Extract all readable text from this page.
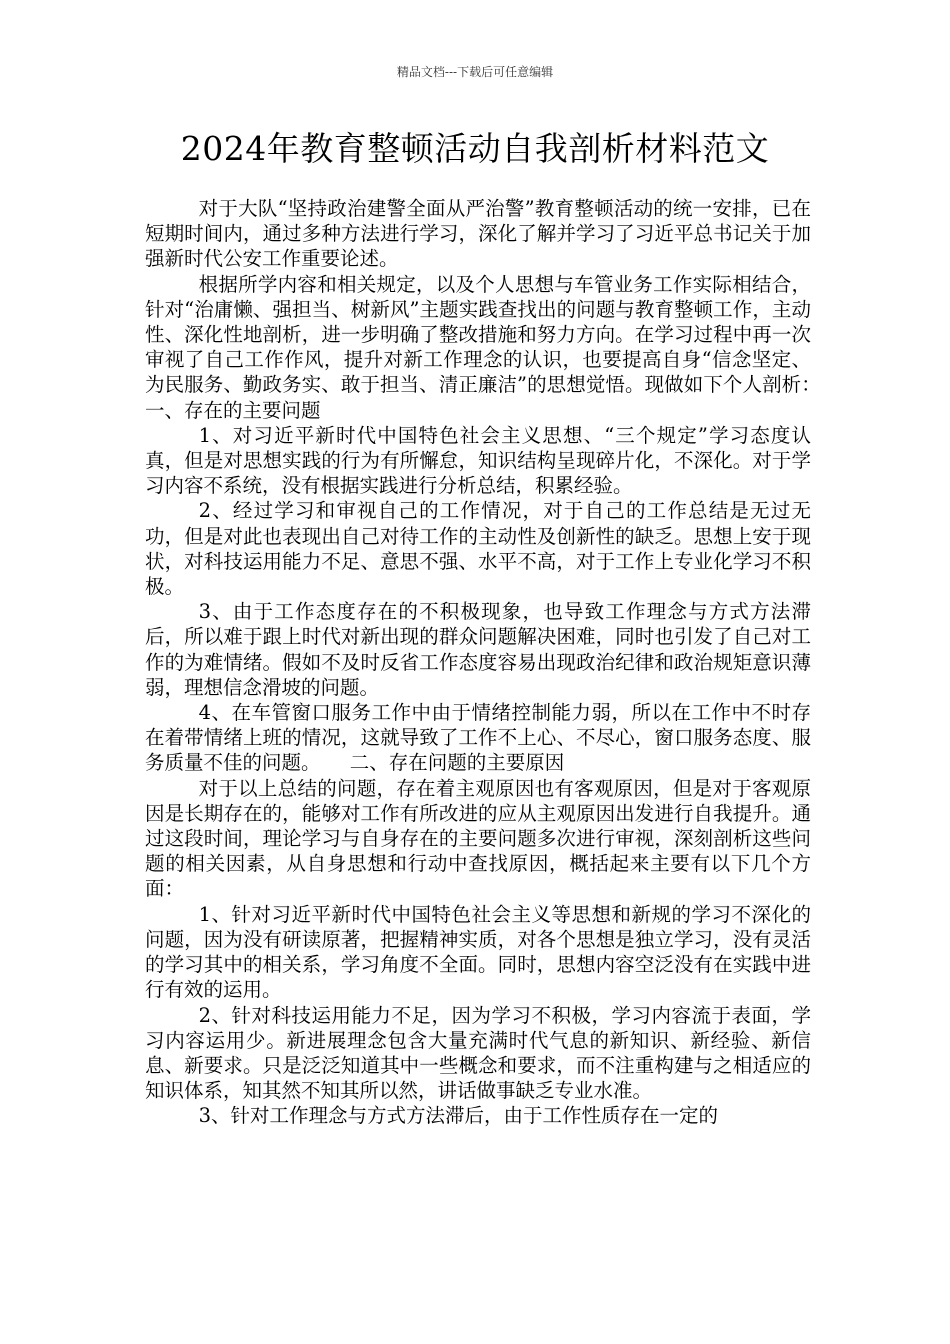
精品文档---下载后可任意编辑
2024年教育整顿活动自我剖析材料范文

对于大队“坚持政治建警全面从严治警”教育整顿活动的统一安排，已在短期时间内，通过多种方法进行学习，深化了解并学习了习近平总书记关于加强新时代公安工作重要论述。

根据所学内容和相关规定，以及个人思想与车管业务工作实际相结合，针对“治庸懒、强担当、树新风”主题实践查找出的问题与教育整顿工作，主动性、深化性地剖析，进一步明确了整改措施和努力方向。在学习过程中再一次审视了自己工作作风，提升对新工作理念的认识，也要提高自身“信念坚定、为民服务、勤政务实、敢于担当、清正廉洁”的思想觉悟。现做如下个人剖析：　　一、存在的主要问题

1、对习近平新时代中国特色社会主义思想、“三个规定”学习态度认真，但是对思想实践的行为有所懈怠，知识结构呈现碎片化，不深化。对于学习内容不系统，没有根据实践进行分析总结，积累经验。

2、经过学习和审视自己的工作情况，对于自己的工作总结是无过无功，但是对此也表现出自己对待工作的主动性及创新性的缺乏。思想上安于现状，对科技运用能力不足、意思不强、水平不高，对于工作上专业化学习不积极。

3、由于工作态度存在的不积极现象，也导致工作理念与方式方法滞后，所以难于跟上时代对新出现的群众问题解决困难，同时也引发了自己对工作的为难情绪。假如不及时反省工作态度容易出现政治纪律和政治规矩意识薄弱，理想信念滑坡的问题。

4、在车管窗口服务工作中由于情绪控制能力弱，所以在工作中不时存在着带情绪上班的情况，这就导致了工作不上心、不尽心，窗口服务态度、服务质量不佳的问题。　　二、存在问题的主要原因

对于以上总结的问题，存在着主观原因也有客观原因，但是对于客观原因是长期存在的，能够对工作有所改进的应从主观原因出发进行自我提升。通过这段时间，理论学习与自身存在的主要问题多次进行审视，深刻剖析这些问题的相关因素，从自身思想和行动中查找原因，概括起来主要有以下几个方面：

1、针对习近平新时代中国特色社会主义等思想和新规的学习不深化的问题，因为没有研读原著，把握精神实质，对各个思想是独立学习，没有灵活的学习其中的相关系，学习角度不全面。同时，思想内容空泛没有在实践中进行有效的运用。

2、针对科技运用能力不足，因为学习不积极，学习内容流于表面，学习内容运用少。新进展理念包含大量充满时代气息的新知识、新经验、新信息、新要求。只是泛泛知道其中一些概念和要求，而不注重构建与之相适应的知识体系，知其然不知其所以然，讲话做事缺乏专业水准。

3、针对工作理念与方式方法滞后，由于工作性质存在一定的
